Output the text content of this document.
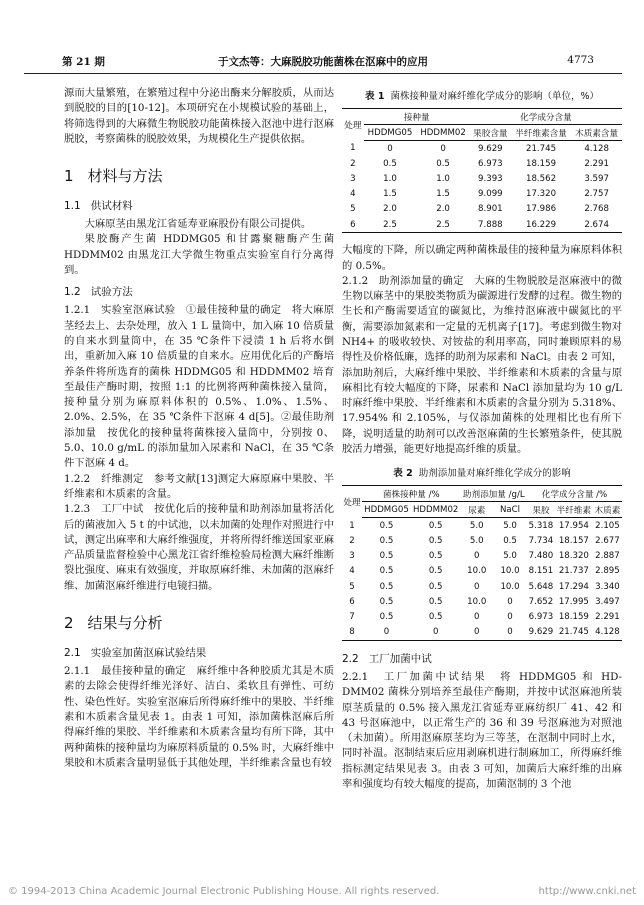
第 21 期	于文杰等：大麻脱胶功能菌株在沤麻中的应用	4773

源而大量繁殖，在繁殖过程中分泌出酶来分解胶质，从而达到脱胶的目的[10-12]。本项研究在小规模试验的基础上，将筛选得到的大麻微生物脱胶功能菌株接入沤池中进行沤麻脱胶，考察菌株的脱胶效果，为规模化生产提供依据。

1 材料与方法
1.1 供试材料

大麻原茎由黑龙江省延寿亚麻股份有限公司提供。

果胶酶产生菌 HDDMG05 和甘露聚糖酶产生菌 HDDMM02 由黑龙江大学微生物重点实验室自行分离得到。

1.2 试验方法

1.2.1　实验室沤麻试验　①最佳接种量的确定　将大麻原茎经去上、去杂处理，放入 1 L 量筒中，加入麻 10 倍质量的自来水到量筒中，在 35 ℃条件下浸渍 1 h 后将水倒出，重新加入麻 10 倍质量的自来水。应用优化后的产酶培养条件将所选育的菌株 HDDMG05 和 HDDMM02 培育至最佳产酶时期，按照 1:1 的比例将两种菌株接入量筒，接种量分别为麻原料体积的 0.5%、1.0%、1.5%、2.0%、2.5%，在 35 ℃条件下沤麻 4 d[5]。②最佳助剂添加量　按优化的接种量将菌株接入量筒中，分别按 0、5.0、10.0 g/mL 的添加量加入尿素和 NaCl，在 35 ℃条件下沤麻 4 d。

1.2.2　纤维测定　参考文献[13]测定大麻原麻中果胶、半纤维素和木质素的含量。

1.2.3　工厂中试　按优化后的接种量和助剂添加量将活化后的菌液加入 5 t 的中试池，以未加菌的处理作对照进行中试，测定出麻率和大麻纤维强度，并将所得纤维送国家亚麻产品质量监督检验中心黑龙江省纤维检验局检测大麻纤维断裂比强度、麻束有效强度，并取原麻纤维、未加菌的沤麻纤维、加菌沤麻纤维进行电镜扫描。

2 结果与分析
2.1 实验室加菌沤麻试验结果

2.1.1　最佳接种量的确定　麻纤维中各种胶质尤其是木质素的去除会使得纤维光泽好、洁白、柔软且有弹性、可纺性、染色性好。实验室沤麻后所得麻纤维中的果胶、半纤维素和木质素含量见表 1。由表 1 可知，添加菌株沤麻后所得麻纤维的果胶、半纤维素和木质素含量均有所下降，其中两种菌株的接种量均为麻原料质量的 0.5% 时，大麻纤维中果胶和木质素含量明显低于其他处理，半纤维素含量也有较

表 1 菌株接种量对麻纤维化学成分的影响（单位，%）
处理	接种量		化学成分含量		
	HDDMG05	HDDMM02	果胶含量	半纤维素含量	木质素含量
1	0	0	9.629	21.745	4.128
2	0.5	0.5	6.973	18.159	2.291
3	1.0	1.0	9.393	18.562	3.597
4	1.5	1.5	9.099	17.320	2.757
5	2.0	2.0	8.901	17.986	2.768
6	2.5	2.5	7.888	16.229	2.674

大幅度的下降，所以确定两种菌株最佳的接种量为麻原料体积的 0.5%。

2.1.2　助剂添加量的确定　大麻的生物脱胶是沤麻液中的微生物以麻茎中的果胶类物质为碳源进行发酵的过程。微生物的生长和产酶需要适宜的碳氮比，为维持沤麻液中碳氮比的平衡，需要添加氮素和一定量的无机离子[17]。考虑到微生物对 NH4+ 的吸收较快、对铵盐的利用率高，同时兼顾原料的易得性及价格低廉，选择的助剂为尿素和 NaCl。由表 2 可知，添加助剂后，大麻纤维中果胶、半纤维素和木质素的含量与原麻相比有较大幅度的下降，尿素和 NaCl 添加量均为 10 g/L 时麻纤维中果胶、半纤维素和木质素的含量分别为 5.318%、17.954% 和 2.105%，与仅添加菌株的处理相比也有所下降，说明适量的助剂可以改善沤麻菌的生长繁殖条件，使其脱胶活力增强，能更好地提高纤维的质量。

表 2 助剂添加量对麻纤维化学成分的影响
处理	菌株接种量 /%		助剂添加量 /g/L		化学成分含量 /%		
	HDDMG05	HDDMM02	尿素	NaCl	果胶	半纤维素	木质素
1	0.5	0.5	5.0	5.0	5.318	17.954	2.105
2	0.5	0.5	5.0	0.5	7.734	18.157	2.677
3	0.5	0.5	0	5.0	7.480	18.320	2.887
4	0.5	0.5	10.0	10.0	8.151	21.737	2.895
5	0.5	0.5	0	10.0	5.648	17.294	3.340
6	0.5	0.5	10.0	0	7.652	17.995	3.497
7	0.5	0.5	0	0	6.973	18.159	2.291
8	0	0	0	0	9.629	21.745	4.128
2.2 工厂加菌中试

2.2.1　工厂加菌中试结果　将 HDDMG05 和 HD-DMM02 菌株分别培养至最佳产酶期，并按中试沤麻池所装原茎质量的 0.5% 接入黑龙江省延寿亚麻纺织厂 41、42 和 43 号沤麻池中，以正常生产的 36 和 39 号沤麻池为对照池（未加菌）。所用沤麻原茎均为三等茎，在沤制中同时上水，同时补温。沤制结束后应用剥麻机进行制麻加工，所得麻纤维指标测定结果见表 3。由表 3 可知，加菌后大麻纤维的出麻率和强度均有较大幅度的提高，加菌沤制的 3 个池

© 1994-2013 China Academic Journal Electronic Publishing House. All rights reserved.	http://www.cnki.net
